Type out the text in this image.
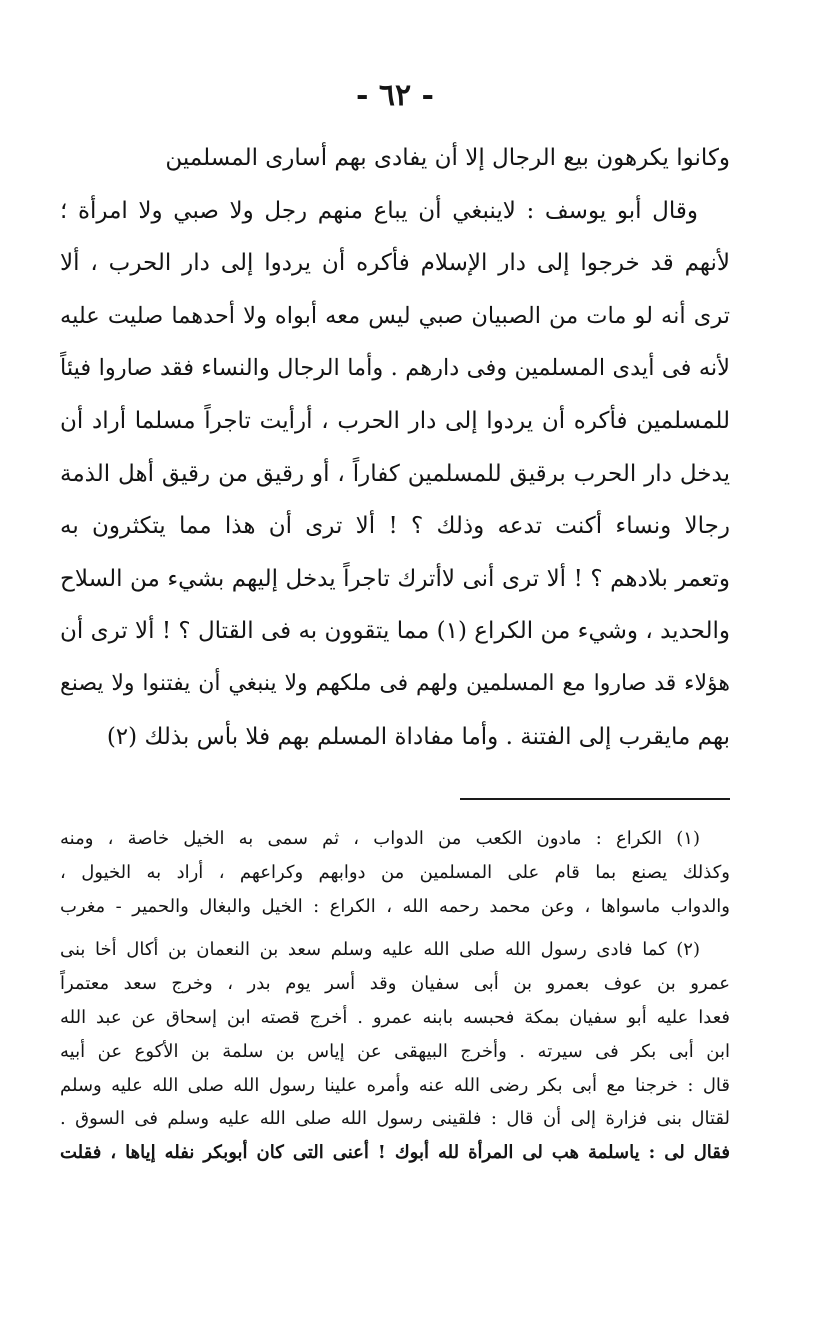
- ٦٢ -
وكانوا يكرهون بيع الرجال إلا أن يفادى بهم أسارى المسلمين
وقال أبو يوسف : لاينبغي أن يباع منهم رجل ولا صبي ولا امرأة ؛
لأنهم قد خرجوا إلى دار الإسلام فأكره أن يردوا إلى دار الحرب ، ألا
ترى أنه لو مات من الصبيان صبي ليس معه أبواه ولا أحدهما صليت عليه
لأنه فى أيدى المسلمين وفى دارهم . وأما الرجال والنساء فقد صاروا فيئاً
للمسلمين فأكره أن يردوا إلى دار الحرب ، أرأيت تاجراً مسلما أراد أن
يدخل دار الحرب برقيق للمسلمين كفاراً ، أو رقيق من رقيق أهل الذمة
رجالا ونساء أكنت تدعه وذلك ؟ ! ألا ترى أن هذا مما يتكثرون به
وتعمر بلادهم ؟ ! ألا ترى أنى لاأترك تاجراً يدخل إليهم بشيء من السلاح
والحديد ، وشيء من الكراع (١) مما يتقوون به فى القتال ؟ ! ألا ترى أن
هؤلاء قد صاروا مع المسلمين ولهم فى ملكهم ولا ينبغي أن يفتنوا ولا يصنع
بهم مايقرب إلى الفتنة . وأما مفاداة المسلم بهم فلا بأس بذلك (٢)
(١) الكراع : مادون الكعب من الدواب ، ثم سمى به الخيل خاصة ، ومنه
وكذلك يصنع بما قام على المسلمين من دوابهم وكراعهم ، أراد به الخيول ،
والدواب ماسواها ، وعن محمد رحمه الله ، الكراع : الخيل والبغال والحمير - مغرب
(٢) كما فادى رسول الله صلى الله عليه وسلم سعد بن النعمان بن أكال أخا بنى
عمرو بن عوف بعمرو بن أبى سفيان وقد أسر يوم بدر ، وخرج سعد معتمراً
فعدا عليه أبو سفيان بمكة فحبسه بابنه عمرو . أخرج قصته ابن إسحاق عن عبد الله
ابن أبى بكر فى سيرته . وأخرج البيهقى عن إياس بن سلمة بن الأكوع عن أبيه
قال : خرجنا مع أبى بكر رضى الله عنه وأمره علينا رسول الله صلى الله عليه وسلم
لقتال بنى فزارة إلى أن قال : فلقينى رسول الله صلى الله عليه وسلم فى السوق .
فقال لى : ياسلمة هب لى المرأة لله أبوك ! أعنى التى كان أبوبكر نفله إياها ، فقلت
